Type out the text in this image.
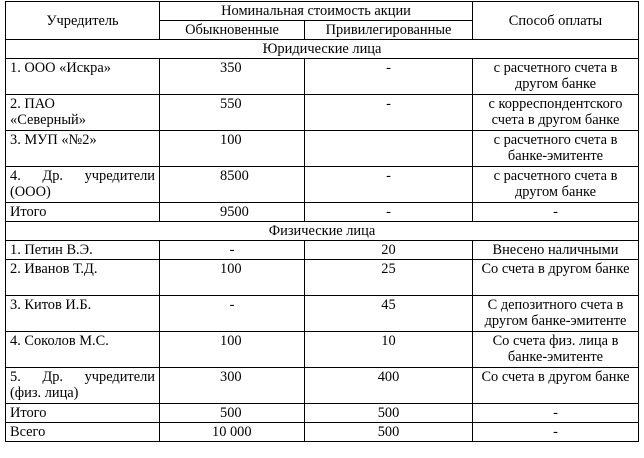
Учредитель	Номинальная стоимость акции		Способ оплаты
	Обыкновенные	Привилегированные	
Юридические лица			
1. ООО «Искра»	350	-	с расчетного счета в другом банке

2. ПАО
«Северный»	550	-	с корреспондентского счета в другом банке
3. МУП «№2»	100		с расчетного счета в банке-эмитенте

4. Др. учредители
(ООО)	8500	-	с расчетного счета в другом банке
Итого	9500	-	-
Физические лица			
1. Петин В.Э.	-	20	Внесено наличными
2. Иванов Т.Д.	100	25	Со счета в другом банке
3. Китов И.Б.	-	45	С депозитного счета в другом банке-эмитенте
4. Соколов М.С.	100	10	Со счета физ. лица в банке-эмитенте

5. Др. учредители
(физ. лица)	300	400	Со счета в другом банке
Итого	500	500	-
Всего	10 000	500	-
